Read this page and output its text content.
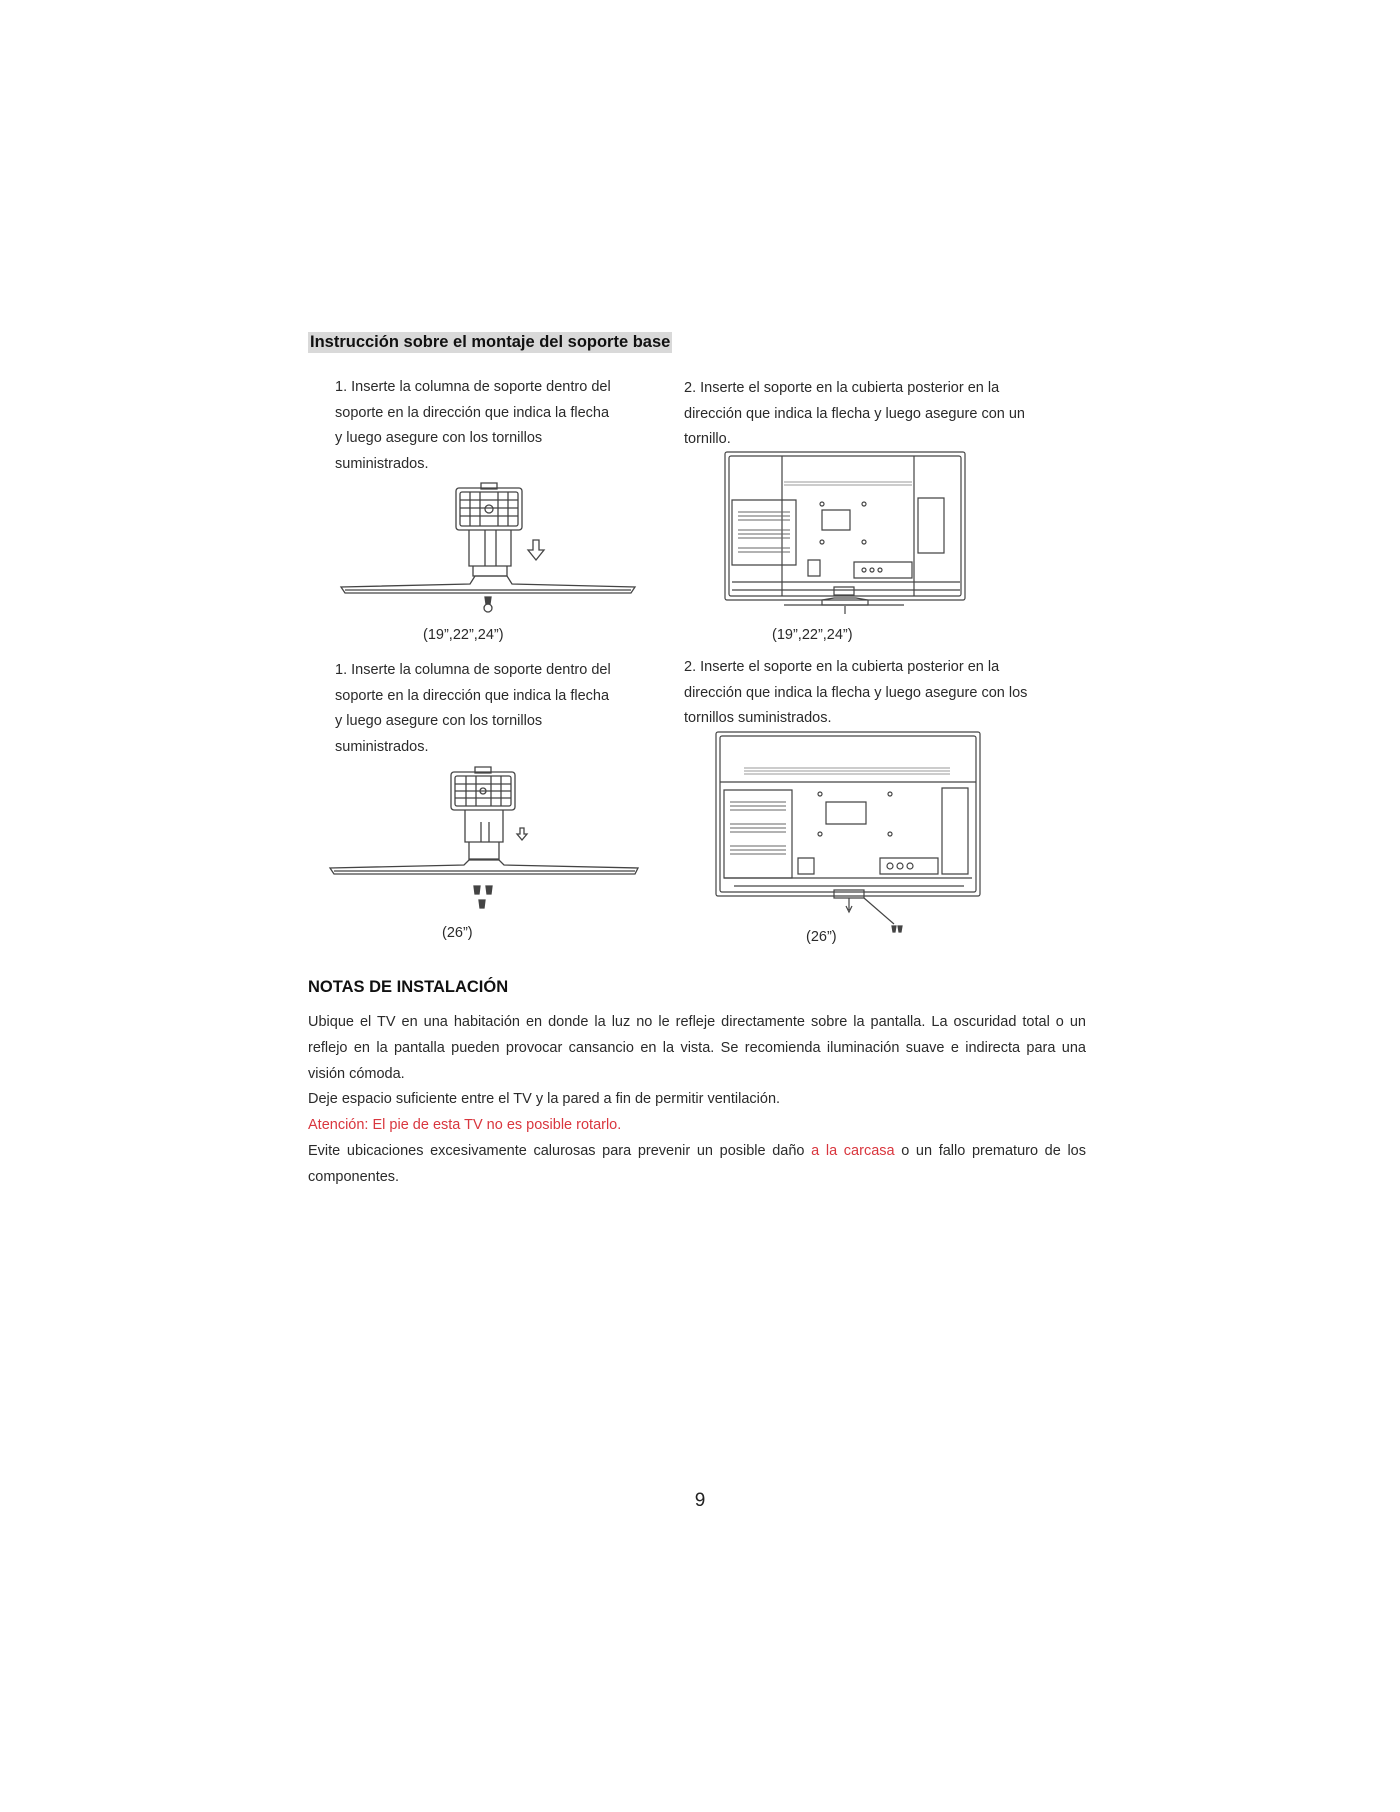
Instrucción sobre el montaje del soporte base

1. Inserte la columna de soporte dentro del soporte en la dirección que indica la flecha y luego asegure con los tornillos suministrados.

2. Inserte el soporte en la cubierta posterior en la dirección que indica la flecha y luego asegure con un tornillo.

(19”,22”,24”)	(19”,22”,24”)

1. Inserte la columna de soporte dentro del soporte en la dirección que indica la flecha y luego asegure con los tornillos suministrados.

2. Inserte el soporte en la cubierta posterior en la dirección que indica la flecha y luego asegure con los tornillos suministrados.

(26”)	(26”)
NOTAS DE INSTALACIÓN

Ubique el TV en una habitación en donde la luz no le refleje directamente sobre la pantalla. La oscuridad total o un reflejo en la pantalla pueden provocar cansancio en la vista. Se recomienda iluminación suave e indirecta para una visión cómoda.

Deje espacio suficiente entre el TV y la pared a fin de permitir ventilación.

Atención: El pie de esta TV no es posible rotarlo.

Evite ubicaciones excesivamente calurosas para prevenir un posible daño a la carcasa o un fallo prematuro de los componentes.

9
